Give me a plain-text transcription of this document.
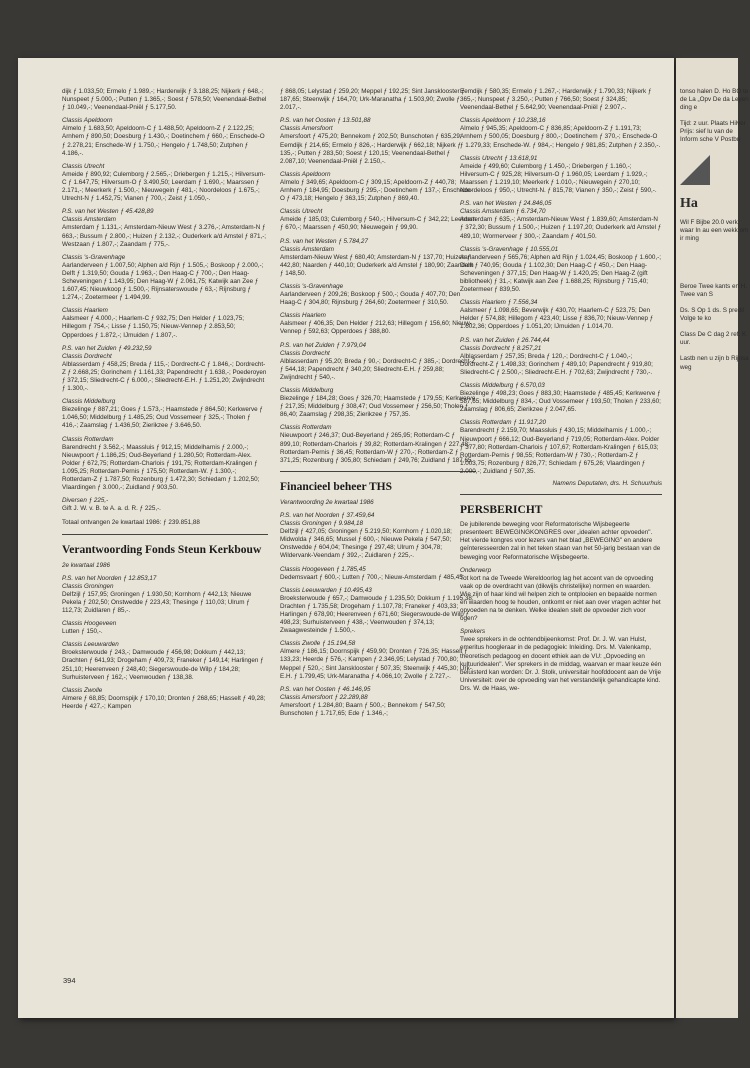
dijk ƒ 1.033,50; Ermelo ƒ 1.989,-; Harderwijk ƒ 3.188,25; Nijkerk ƒ 648,-; Nunspeet ƒ 5.000,-; Putten ƒ 1.365,-; Soest ƒ 578,50; Veenendaal-Bethel ƒ 10.049,-; Veenendaal-Pniël ƒ 5.177,50.

Classis Apeldoorn

Almelo ƒ 1.683,50; Apeldoorn-C ƒ 1.488,50; Apeldoorn-Z ƒ 2.122,25; Arnhem ƒ 890,50; Doesburg ƒ 1.430,-; Doetinchem ƒ 660,-; Enschede-O ƒ 2.278,21; Enschede-W ƒ 1.750,-; Hengelo ƒ 1.748,50; Zutphen ƒ 4.186,-.

Classis Utrecht

Ameide ƒ 890,92; Culemborg ƒ 2.565,-; Driebergen ƒ 1.215,-; Hilversum-C ƒ 1.647,75; Hilversum-O ƒ 3.490,50; Leerdam ƒ 1.690,-; Maarssen ƒ 2.171,-; Meerkerk ƒ 1.500,-; Nieuwegein ƒ 481,-; Noordeloos ƒ 1.675,-; Utrecht-N ƒ 1.452,75; Vianen ƒ 700,-; Zeist ƒ 1.050,-.

P.S. van het Westen ƒ 45.428,89
Classis Amsterdam

Amsterdam ƒ 1.131,-; Amsterdam-Nieuw West ƒ 3.276,-; Amsterdam-N ƒ 663,-; Bussum ƒ 2.800,-; Huizen ƒ 2.132,-; Ouderkerk a/d Amstel ƒ 871,-; Westzaan ƒ 1.807,-; Zaandam ƒ 775,-.

Classis 's-Gravenhage

Aarlanderveen ƒ 1.007,50; Alphen a/d Rijn ƒ 1.505,-; Boskoop ƒ 2.000,-; Delft ƒ 1.319,50; Gouda ƒ 1.963,-; Den Haag-C ƒ 700,-; Den Haag-Scheveningen ƒ 1.143,95; Den Haag-W ƒ 2.061,75; Katwijk aan Zee ƒ 1.607,45; Nieuwkoop ƒ 1.500,-; Rijnsaterswoude ƒ 63,-; Rijnsburg ƒ 1.274,-; Zoetermeer ƒ 1.494,99.

Classis Haarlem

Aalsmeer ƒ 4.000,-; Haarlem-C ƒ 932,75; Den Helder ƒ 1.023,75; Hillegom ƒ 754,-; Lisse ƒ 1.150,75; Nieuw-Vennep ƒ 2.853,50; Opperdoes ƒ 1.872,-; IJmuiden ƒ 1.807,-.

P.S. van het Zuiden ƒ 49.232,59
Classis Dordrecht

Alblasserdam ƒ 458,25; Breda ƒ 115,-; Dordrecht-C ƒ 1.846,-; Dordrecht-Z ƒ 2.668,25; Gorinchem ƒ 1.161,33; Papendrecht ƒ 1.638,-; Poederoyen ƒ 372,15; Sliedrecht-C ƒ 6.000,-; Sliedrecht-E.H. ƒ 1.251,20; Zwijndrecht ƒ 1.300,-.

Classis Middelburg

Biezelinge ƒ 887,21; Goes ƒ 1.573,-; Haamstede ƒ 864,50; Kerkwerve ƒ 1.046,50; Middelburg ƒ 1.485,25; Oud Vossemeer ƒ 325,-; Tholen ƒ 416,-; Zaamslag ƒ 1.436,50; Zierikzee ƒ 3.646,50.

Classis Rotterdam

Barendrecht ƒ 3.562,-; Maassluis ƒ 912,15; Middelharnis ƒ 2.000,-; Nieuwpoort ƒ 1.186,25; Oud-Beyerland ƒ 1.280,50; Rotterdam-Alex. Polder ƒ 672,75; Rotterdam-Charlois ƒ 191,75; Rotterdam-Kralingen ƒ 1.095,25; Rotterdam-Pernis ƒ 175,50; Rotterdam-W. ƒ 1.300,-; Rotterdam-Z ƒ 1.787,50; Rozenburg ƒ 1.472,30; Schiedam ƒ 1.202,50; Vlaardingen ƒ 3.000,-; Zuidland ƒ 903,50.

Diversen ƒ 225,-

Gift J. W. v. B. te A. a. d. R. ƒ 225,-.

Totaal ontvangen 2e kwartaal 1986: ƒ 239.851,88

Verantwoording Fonds Steun Kerkbouw
2e kwartaal 1986
P.S. van het Noorden ƒ 12.853,17
Classis Groningen

Delfzijl ƒ 157,95; Groningen ƒ 1.930,50; Kornhorn ƒ 442,13; Nieuwe Pekela ƒ 202,50; Onstwedde ƒ 223,43; Thesinge ƒ 110,03; Ulrum ƒ 112,73; Zuidlaren ƒ 85,-.

Classis Hoogeveen

Lutten ƒ 150,-.

Classis Leeuwarden

Broeksterwoude ƒ 243,-; Damwoude ƒ 456,98; Dokkum ƒ 442,13; Drachten ƒ 641,93; Drogeham ƒ 409,73; Franeker ƒ 149,14; Harlingen ƒ 251,10; Heerenveen ƒ 248,40; Siegerswoude-de Wilp ƒ 184,28; Surhuisterveen ƒ 162,-; Veenwouden ƒ 138,38.

Classis Zwolle

Almere ƒ 68,85; Doornspijk ƒ 170,10; Dronten ƒ 268,65; Hasselt ƒ 49,28; Heerde ƒ 427,-; Kampen

ƒ 868,05; Lelystad ƒ 259,20; Meppel ƒ 192,25; Sint Jansklooster ƒ 187,65; Steenwijk ƒ 164,70; Urk-Maranatha ƒ 1.503,90; Zwolle ƒ 2.017,-.

P.S. van het Oosten ƒ 13.501,88
Classis Amersfoort

Amersfoort ƒ 475,20; Bennekom ƒ 202,50; Bunschoten ƒ 635,29; Eemdijk ƒ 214,65; Ermelo ƒ 826,-; Harderwijk ƒ 662,18; Nijkerk ƒ 135,-; Putten ƒ 283,50; Soest ƒ 120,15; Veenendaal-Bethel ƒ 2.087,10; Veenendaal-Pniël ƒ 2.150,-.

Classis Apeldoorn

Almelo ƒ 349,65; Apeldoorn-C ƒ 309,15; Apeldoorn-Z ƒ 440,78; Arnhem ƒ 184,95; Doesburg ƒ 295,-; Doetinchem ƒ 137,-; Enschede-O ƒ 473,18; Hengelo ƒ 363,15; Zutphen ƒ 869,40.

Classis Utrecht

Ameide ƒ 185,03; Culemborg ƒ 540,-; Hilversum-C ƒ 342,22; Leerdam ƒ 670,-; Maarssen ƒ 450,90; Nieuwegein ƒ 99,90.

P.S. van het Westen ƒ 5.784,27
Classis Amsterdam

Amsterdam-Nieuw West ƒ 680,40; Amsterdam-N ƒ 137,70; Huizen ƒ 442,80; Naarden ƒ 440,10; Ouderkerk a/d Amstel ƒ 180,90; Zaandam ƒ 148,50.

Classis 's-Gravenhage

Aarlanderveen ƒ 209,26; Boskoop ƒ 500,-; Gouda ƒ 407,70; Den Haag-C ƒ 304,80; Rijnsburg ƒ 264,60; Zoetermeer ƒ 310,50.

Classis Haarlem

Aalsmeer ƒ 406,35; Den Helder ƒ 212,63; Hillegom ƒ 156,60; Nieuw-Vennep ƒ 592,63; Opperdoes ƒ 388,80.

P.S. van het Zuiden ƒ 7.979,04
Classis Dordrecht

Alblasserdam ƒ 95,20; Breda ƒ 90,-; Dordrecht-C ƒ 385,-; Dordrecht-Z ƒ 544,18; Papendrecht ƒ 340,20; Sliedrecht-E.H. ƒ 259,88; Zwijndrecht ƒ 540,-.

Classis Middelburg

Biezelinge ƒ 184,28; Goes ƒ 326,70; Haamstede ƒ 179,55; Kerkwerve ƒ 217,35; Middelburg ƒ 308,47; Oud Vossemeer ƒ 256,50; Tholen ƒ 86,40; Zaamslag ƒ 298,35; Zierikzee ƒ 757,35.

Classis Rotterdam

Nieuwpoort ƒ 246,37; Oud-Beyerland ƒ 265,95; Rotterdam-C ƒ 899,10; Rotterdam-Charlois ƒ 39,82; Rotterdam-Kralingen ƒ 227,48; Rotterdam-Pernis ƒ 36,45; Rotterdam-W ƒ 270,-; Rotterdam-Z ƒ 371,25; Rozenburg ƒ 305,80; Schiedam ƒ 249,76; Zuidland ƒ 187,65.

Financieel beheer THS
Verantwoording 2e kwartaal 1986
P.S. van het Noorden ƒ 37.459,64
Classis Groningen ƒ 9.984,18

Delfzijl ƒ 427,05; Groningen ƒ 5.219,50; Kornhorn ƒ 1.020,18; Midwolda ƒ 346,65; Mussel ƒ 600,-; Nieuwe Pekela ƒ 547,50; Onstwedde ƒ 604,04; Thesinge ƒ 297,48; Ulrum ƒ 304,78; Wildervank-Veendam ƒ 392,-; Zuidlaren ƒ 225,-.

Classis Hoogeveen ƒ 1.785,45

Dedemsvaart ƒ 600,-; Lutten ƒ 700,-; Nieuw-Amsterdam ƒ 485,45.

Classis Leeuwarden ƒ 10.495,43

Broeksterwoude ƒ 657,-; Damwoude ƒ 1.235,50; Dokkum ƒ 1.195,38; Drachten ƒ 1.735,58; Drogeham ƒ 1.107,78; Franeker ƒ 403,33; Harlingen ƒ 678,90; Heerenveen ƒ 671,60; Siegerswoude-de Wilp ƒ 498,23; Surhuisterveen ƒ 438,-; Veenwouden ƒ 374,13; Zwaagwesteinde ƒ 1.500,-.

Classis Zwolle ƒ 15.194,58

Almere ƒ 186,15; Doornspijk ƒ 459,90; Dronten ƒ 726,35; Hasselt ƒ 133,23; Heerde ƒ 576,-; Kampen ƒ 2.346,95; Lelystad ƒ 700,80; Meppel ƒ 520,-; Sint Jansklooster ƒ 507,35; Steenwijk ƒ 445,30; Urk-E.H. ƒ 1.799,45; Urk-Maranatha ƒ 4.066,10; Zwolle ƒ 2.727,-.

P.S. van het Oosten ƒ 46.146,95
Classis Amersfoort ƒ 22.289,88

Amersfoort ƒ 1.284,80; Baarn ƒ 500,-; Bennekom ƒ 547,50; Bunschoten ƒ 1.717,65; Ede ƒ 1.346,-;

Eemdijk ƒ 580,35; Ermelo ƒ 1.267,-; Harderwijk ƒ 1.790,33; Nijkerk ƒ 365,-; Nunspeet ƒ 3.250,-; Putten ƒ 766,50; Soest ƒ 324,85; Veenendaal-Bethel ƒ 5.642,90; Veenendaal-Pniël ƒ 2.907,-.

Classis Apeldoorn ƒ 10.238,16

Almelo ƒ 945,35; Apeldoorn-C ƒ 836,85; Apeldoorn-Z ƒ 1.191,73; Arnhem ƒ 500,05; Doesburg ƒ 800,-; Doetinchem ƒ 370,-; Enschede-O ƒ 1.279,33; Enschede-W. ƒ 984,-; Hengelo ƒ 981,85; Zutphen ƒ 2.350,-.

Classis Utrecht ƒ 13.618,91

Ameide ƒ 499,60; Culemborg ƒ 1.450,-; Driebergen ƒ 1.160,-; Hilversum-C ƒ 925,28; Hilversum-O ƒ 1.960,05; Leerdam ƒ 1.929,-; Maarssen ƒ 1.219,10; Meerkerk ƒ 1.010,-; Nieuwegein ƒ 270,10; Noordeloos ƒ 950,-; Utrecht-N. ƒ 815,78; Vianen ƒ 350,-; Zeist ƒ 590,-.

P.S. van het Westen ƒ 24.846,05
Classis Amsterdam ƒ 6.734,70

Amsterdam ƒ 635,-; Amsterdam-Nieuw West ƒ 1.839,60; Amsterdam-N ƒ 372,30; Bussum ƒ 1.500,-; Huizen ƒ 1.197,20; Ouderkerk a/d Amstel ƒ 489,10; Wormerveer ƒ 300,-; Zaandam ƒ 401,50.

Classis 's-Gravenhage ƒ 10.555,01

Aarlanderveen ƒ 565,76; Alphen a/d Rijn ƒ 1.024,45; Boskoop ƒ 1.600,-; Delft ƒ 740,95; Gouda ƒ 1.102,30; Den Haag-C ƒ 450,-; Den Haag-Scheveningen ƒ 377,15; Den Haag-W ƒ 1.420,25; Den Haag-Z (gift bibliotheek) ƒ 31,-; Katwijk aan Zee ƒ 1.688,25; Rijnsburg ƒ 715,40; Zoetermeer ƒ 839,50.

Classis Haarlem ƒ 7.556,34

Aalsmeer ƒ 1.098,65; Beverwijk ƒ 430,70; Haarlem-C ƒ 523,75; Den Helder ƒ 574,88; Hillegom ƒ 423,40; Lisse ƒ 836,70; Nieuw-Vennep ƒ 1.602,36; Opperdoes ƒ 1.051,20; IJmuiden ƒ 1.014,70.

P.S. van het Zuiden ƒ 26.744,44
Classis Dordrecht ƒ 8.257,21

Alblasserdam ƒ 257,35; Breda ƒ 120,-; Dordrecht-C ƒ 1.040,-; Dordrecht-Z ƒ 1.498,33; Gorinchem ƒ 489,10; Papendrecht ƒ 919,80; Sliedrecht-C ƒ 2.500,-; Sliedrecht-E.H. ƒ 702,63; Zwijndrecht ƒ 730,-.

Classis Middelburg ƒ 6.570,03

Biezelinge ƒ 498,23; Goes ƒ 883,30; Haamstede ƒ 485,45; Kerkwerve ƒ 587,65; Middelburg ƒ 834,-; Oud Vossemeer ƒ 193,50; Tholen ƒ 233,60; Zaamslag ƒ 806,65; Zierikzee ƒ 2.047,65.

Classis Rotterdam ƒ 11.917,20

Barendrecht ƒ 2.159,70; Maassluis ƒ 430,15; Middelharnis ƒ 1.000,-; Nieuwpoort ƒ 666,12; Oud-Beyerland ƒ 719,05; Rotterdam-Alex. Polder ƒ 377,80; Rotterdam-Charlois ƒ 107,67; Rotterdam-Kralingen ƒ 615,03; Rotterdam-Pernis ƒ 98,55; Rotterdam-W ƒ 730,-; Rotterdam-Z ƒ 1.003,75; Rozenburg ƒ 826,77; Schiedam ƒ 675,26; Vlaardingen ƒ 2.000,-; Zuidland ƒ 507,35.

Namens Deputaten, drs. H. Schuurhuis
PERSBERICHT

De jubilerende beweging voor Reformatorische Wijsbegeerte presenteert: BEWEGINGKONGRES over „idealen achter opvoeden". Het vierde kongres voor lezers van het blad „BEWEGING" en andere geïnteresseerden zal in het teken staan van het 50-jarig bestaan van de beweging voor Reformatorische Wijsbegeerte.

Onderwerp

Tot kort na de Tweede Wereldoorlog lag het accent van de opvoeding vaak op de overdracht van (dikwijls christelijke) normen en waarden. Wie zijn of haar kind wil helpen zich te ontplooien en bepaalde normen en waarden hoog te houden, ontkomt er niet aan over vragen achter het opvoeden na te denken. Welke idealen stelt de opvoeder zich voor ogen?

Sprekers

Twee sprekers in de ochtendbijeenkomst: Prof. Dr. J. W. van Hulst, emeritus hoogleraar in de pedagogiek: Inleiding. Drs. M. Valenkamp, theoretisch pedagoog en docent ethiek aan de VU: „Opvoeding en kultuuridealen". Vier sprekers in de middag, waarvan er maar keuze één beluisterd kan worden: Dr. J. Stolk, universitair hoofddocent aan de Vrije Universiteit: over de opvoeding van het verstandelijk gehandicapte kind. Drs. W. de Haas, we-

394

tonso halen D. Ho BO te de La „Opv De da Leyen ding e

Tijd: z uur. Plaats Hilver Prijs: sief lu van de Inform sche V Postbu

Ha

Wil F Bijbe 20.0 verk waar In au een wekk om ir ming

Beroe Twee kants en H. Twee van S

Ds. S Op 1 ds. S predil Volge te ko

Class De C dag 2 ref. K uur.

Lastb nen u zijn b Rijnsa weg
